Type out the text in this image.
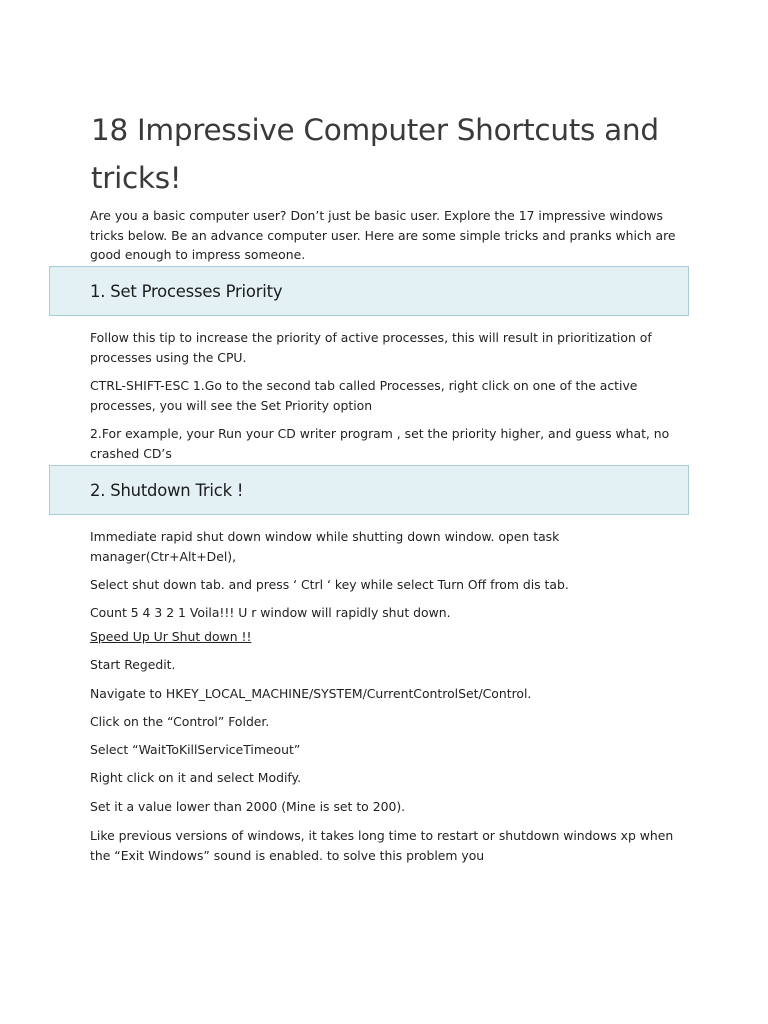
18 Impressive Computer Shortcuts and tricks!

Are you a basic computer user? Don’t just be basic user. Explore the 17 impressive windows tricks below. Be an advance computer user. Here are some simple tricks and pranks which are good enough to impress someone.

1. Set Processes Priority

Follow this tip to increase the priority of active processes, this will result in prioritization of processes using the CPU.

CTRL-SHIFT-ESC 1.Go to the second tab called Processes, right click on one of the active processes, you will see the Set Priority option

2.For example, your Run your CD writer program , set the priority higher, and guess what, no crashed CD’s

2. Shutdown Trick !

Immediate rapid shut down window while shutting down window. open task manager(Ctr+Alt+Del),

Select shut down tab. and press ‘ Ctrl ‘ key while select Turn Off from dis tab.

Count 5 4 3 2 1 Voila!!! U r window will rapidly shut down.

Speed Up Ur Shut down !!

Start Regedit.

Navigate to HKEY_LOCAL_MACHINE/SYSTEM/CurrentControlSet/Control.

Click on the “Control” Folder.

Select “WaitToKillServiceTimeout”

Right click on it and select Modify.

Set it a value lower than 2000 (Mine is set to 200).

Like previous versions of windows, it takes long time to restart or shutdown windows xp when the “Exit Windows” sound is enabled. to solve this problem you
